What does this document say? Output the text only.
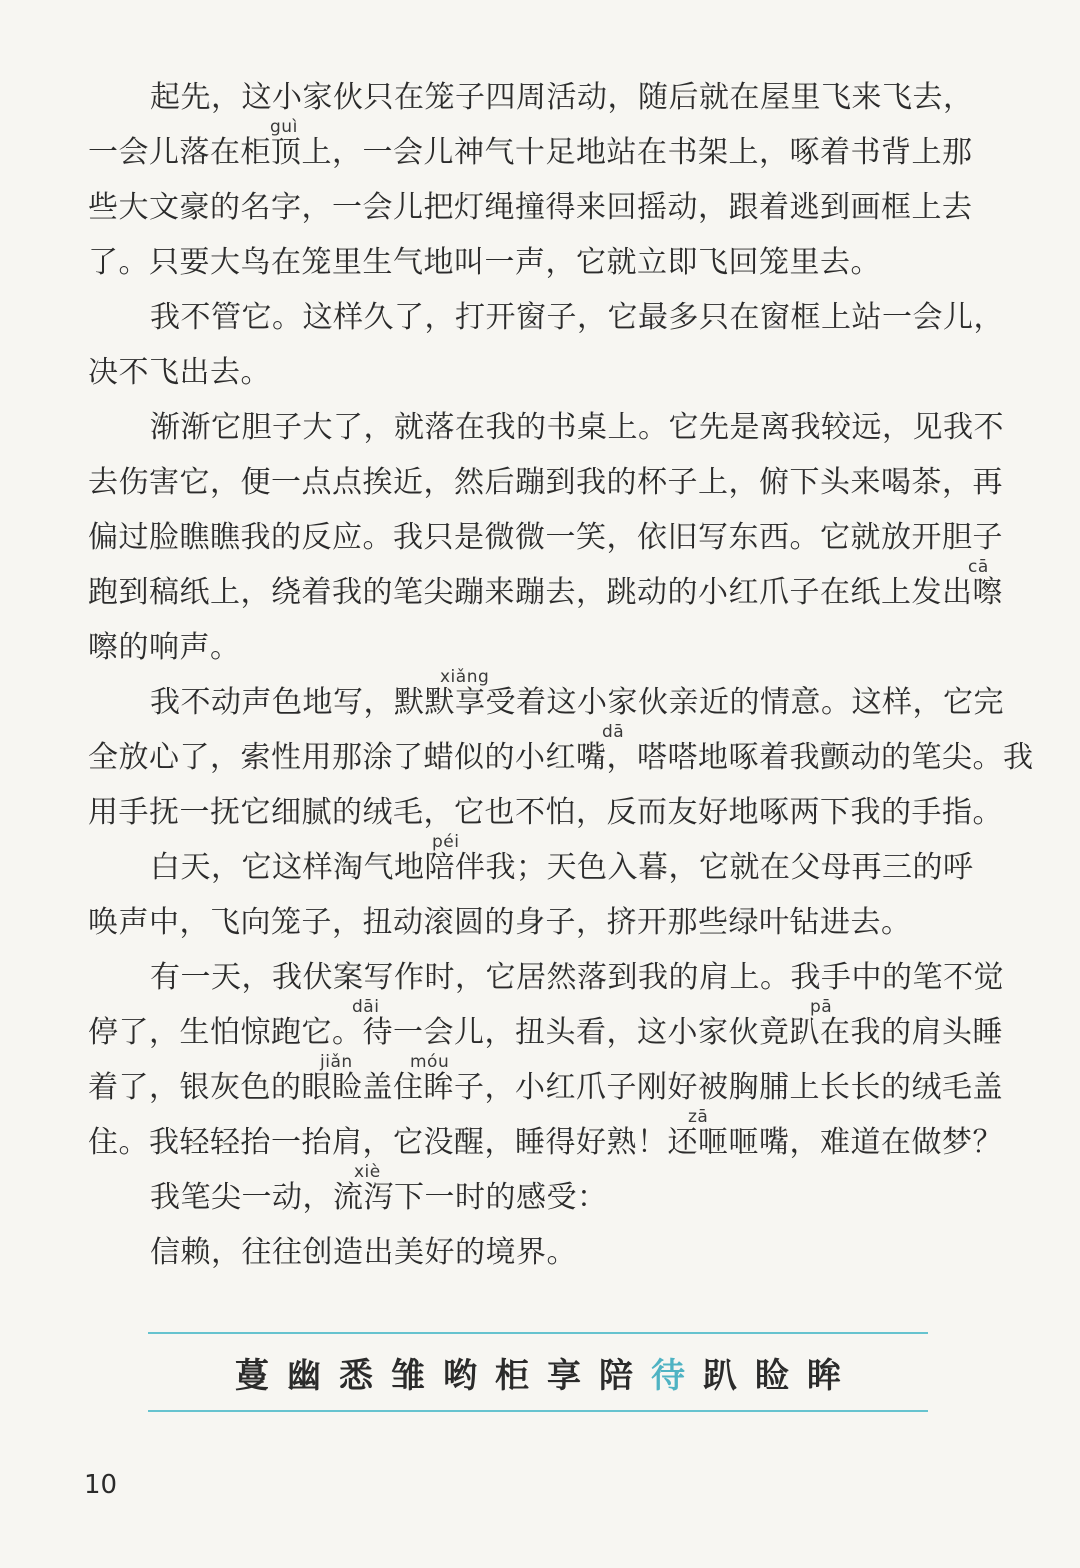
起先，这小家伙只在笼子四周活动，随后就在屋里飞来飞去，
一会儿落在柜顶上，一会儿神气十足地站在书架上，啄着书背上那
guì
些大文豪的名字，一会儿把灯绳撞得来回摇动，跟着逃到画框上去
了。只要大鸟在笼里生气地叫一声，它就立即飞回笼里去。
我不管它。这样久了，打开窗子，它最多只在窗框上站一会儿，
决不飞出去。
渐渐它胆子大了，就落在我的书桌上。它先是离我较远，见我不
去伤害它，便一点点挨近，然后蹦到我的杯子上，俯下头来喝茶，再
偏过脸瞧瞧我的反应。我只是微微一笑，依旧写东西。它就放开胆子
跑到稿纸上，绕着我的笔尖蹦来蹦去，跳动的小红爪子在纸上发出嚓
cā
嚓的响声。
我不动声色地写，默默享受着这小家伙亲近的情意。这样，它完
xiǎng
全放心了，索性用那涂了蜡似的小红嘴，嗒嗒地啄着我颤动的笔尖。我
dā
用手抚一抚它细腻的绒毛，它也不怕，反而友好地啄两下我的手指。
白天，它这样淘气地陪伴我；天色入暮，它就在父母再三的呼
péi
唤声中，飞向笼子，扭动滚圆的身子，挤开那些绿叶钻进去。
有一天，我伏案写作时，它居然落到我的肩上。我手中的笔不觉
停了，生怕惊跑它。待一会儿，扭头看，这小家伙竟趴在我的肩头睡
dāi	pā
着了，银灰色的眼睑盖住眸子，小红爪子刚好被胸脯上长长的绒毛盖
jiǎn	móu
住。我轻轻抬一抬肩，它没醒，睡得好熟！还咂咂嘴，难道在做梦？
zā
我笔尖一动，流泻下一时的感受：
xiè
信赖，往往创造出美好的境界。
蔓 幽 悉 雏 哟 柜 享 陪 待 趴 睑 眸
10
